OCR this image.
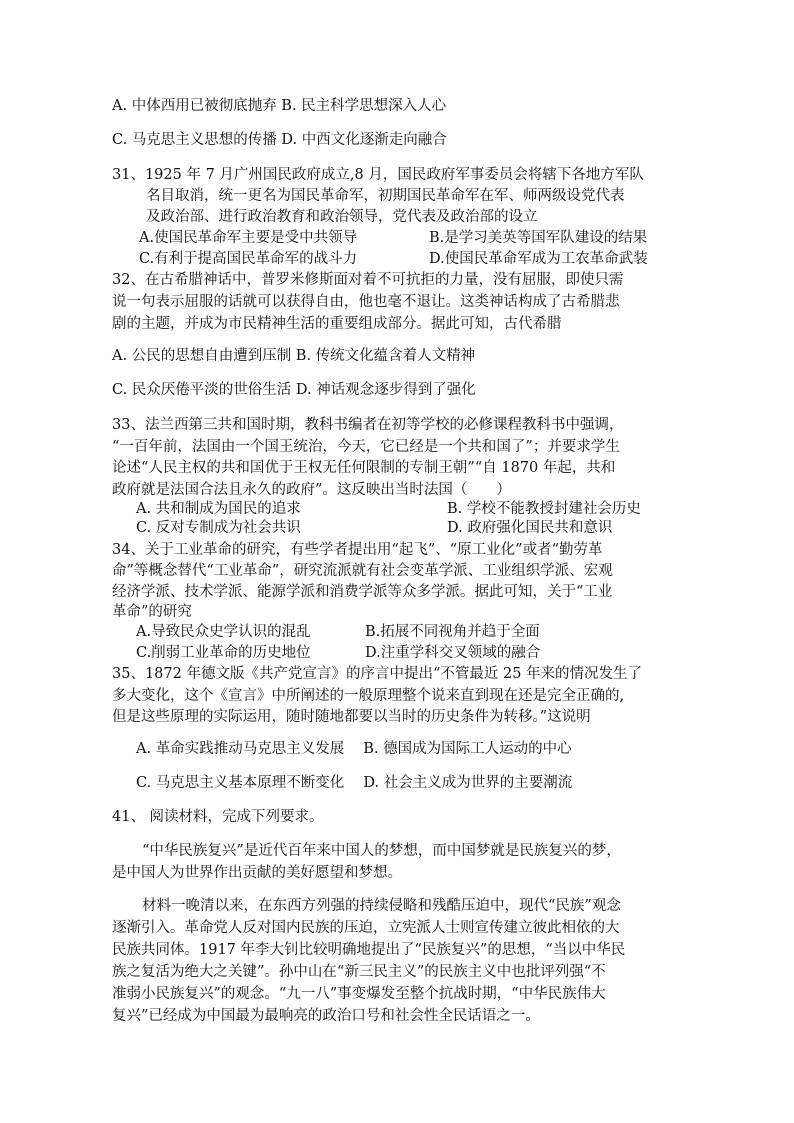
A. 中体西用已被彻底抛弃 B. 民主科学思想深入人心
C. 马克思主义思想的传播 D. 中西文化逐渐走向融合
31、1925 年 7 月广州国民政府成立,8 月，国民政府军事委员会将辖下各地方军队
名目取消，统一更名为国民革命军，初期国民革命军在军、师两级设党代表
及政治部、进行政治教育和政治领导，党代表及政治部的设立
A.使国民革命军主要是受中共领导	B.是学习美英等国军队建设的结果
C.有利于提高国民革命军的战斗力	D.使国民革命军成为工农革命武装
32、在古希腊神话中，普罗米修斯面对着不可抗拒的力量，没有屈服，即使只需
说一句表示屈服的话就可以获得自由，他也毫不退让。这类神话构成了古希腊悲
剧的主题，并成为市民精神生活的重要组成部分。据此可知，古代希腊
A. 公民的思想自由遭到压制 B. 传统文化蕴含着人文精神
C. 民众厌倦平淡的世俗生活 D. 神话观念逐步得到了强化
33、法兰西第三共和国时期，教科书编者在初等学校的必修课程教科书中强调，
“一百年前，法国由一个国王统治，今天，它已经是一个共和国了”；并要求学生
论述“人民主权的共和国优于王权无任何限制的专制王朝”“自 1870 年起，共和
政府就是法国合法且永久的政府”。这反映出当时法国（　　）
A. 共和制成为国民的追求	B. 学校不能教授封建社会历史
C. 反对专制成为社会共识	D. 政府强化国民共和意识
34、关于工业革命的研究，有些学者提出用“起飞”、“原工业化”或者“勤劳革
命”等概念替代“工业革命”，研究流派就有社会变革学派、工业组织学派、宏观
经济学派、技术学派、能源学派和消费学派等众多学派。据此可知，关于“工业
革命”的研究
A.导致民众史学认识的混乱	B.拓展不同视角并趋于全面
C.削弱工业革命的历史地位	D.注重学科交叉领域的融合
35、1872 年德文版《共产党宣言》的序言中提出“不管最近 25 年来的情况发生了
多大变化，这个《宣言》中所阐述的一般原理整个说来直到现在还是完全正确的,
但是这些原理的实际运用，随时随地都要以当时的历史条件为转移。”这说明
A. 革命实践推动马克思主义发展　 B. 德国成为国际工人运动的中心
C. 马克思主义基本原理不断变化　 D. 社会主义成为世界的主要潮流
41、 阅读材料，完成下列要求。
“中华民族复兴”是近代百年来中国人的梦想，而中国梦就是民族复兴的梦，
是中国人为世界作出贡献的美好愿望和梦想。
材料一晚清以来，在东西方列强的持续侵略和残酷压迫中，现代“民族”观念
逐渐引入。革命党人反对国内民族的压迫，立宪派人士则宣传建立彼此相依的大
民族共同体。1917 年李大钊比较明确地提出了“民族复兴”的思想，“当以中华民
族之复活为绝大之关键”。孙中山在“新三民主义”的民族主义中也批评列强“不
准弱小民族复兴”的观念。“九一八”事变爆发至整个抗战时期，“中华民族伟大
复兴”已经成为中国最为最响亮的政治口号和社会性全民话语之一。
